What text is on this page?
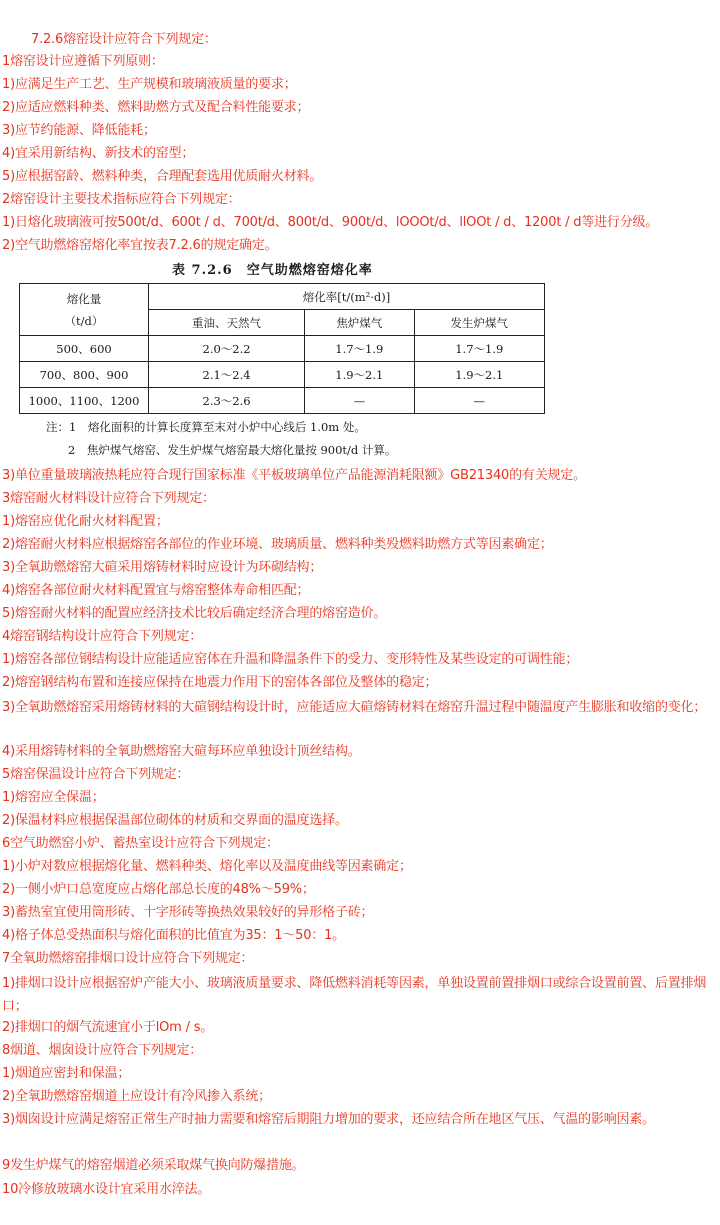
7.2.6熔窑设计应符合下列规定：
1熔窑设计应遵循下列原则：
1)应满足生产工艺、生产规模和玻璃液质量的要求；
2)应适应燃料种类、燃料助燃方式及配合料性能要求；
3)应节约能源、降低能耗；
4)宜采用新结构、新技术的窑型；
5)应根据窑龄、燃料种类，合理配套选用优质耐火材料。
2熔窑设计主要技术指标应符合下列规定：
1)日熔化玻璃液可按500t/d、600t / d、700t/d、800t/d、900t/d、lOOOt/d、llOOt / d、1200t / d等进行分级。
2)空气助燃熔窑熔化率宜按表7.2.6的规定确定。
表 7.2.6　空气助燃熔窑熔化率
熔化量
（t/d）	熔化率[t/(m²·d)]		
	重油、天然气	焦炉煤气	发生炉煤气
500、600	2.0～2.2	1.7～1.9	1.7～1.9
700、800、900	2.1～2.4	1.9～2.1	1.9～2.1
1000、1100、1200	2.3～2.6	—	—
注：1　熔化面积的计算长度算至末对小炉中心线后 1.0m 处。
2　焦炉煤气熔窑、发生炉煤气熔窑最大熔化量按 900t/d 计算。
3)单位重量玻璃液热耗应符合现行国家标准《平板玻璃单位产品能源消耗限额》GB21340的有关规定。
3熔窑耐火材料设计应符合下列规定：
1)熔窑应优化耐火材料配置；
2)熔窑耐火材料应根据熔窑各部位的作业环境、玻璃质量、燃料种类殁燃料助燃方式等因素确定；
3)全氧助燃熔窑大碹采用熔铸材料时应设计为环砌结构；
4)熔窑各部位耐火材料配置宜与熔窑整体寿命相匹配；
5)熔窑耐火材料的配置应经济技术比较后确定经济合理的熔窑造价。
4熔窑钢结构设计应符合下列规定：
1)熔窑各部位钢结构设计应能适应窑体在升温和降温条件下的受力、变形特性及某些设定的可调性能；
2)熔窑钢结构布置和连接应保持在地震力作用下的窑体各部位及整体的稳定；
3)全氧助燃熔窑采用熔铸材料的大碹钢结构设计时，应能适应大碹熔铸材料在熔窑升温过程中随温度产生膨胀和收缩的变化；
4)采用熔铸材料的全氧助燃熔窑大碹每环应单独设计顶丝结构。
5熔窑保温设计应符合下列规定：
1)熔窑应全保温；
2)保温材料应根据保温部位砌体的材质和交界面的温度选择。
6空气助燃窑小炉、蓄热室设计应符合下列规定：
1)小炉对数应根据熔化量、燃料种类、熔化率以及温度曲线等因素确定；
2)一侧小炉口总宽度应占熔化部总长度的48%～59%；
3)蓄热室宜使用筒形砖、十字形砖等换热效果较好的异形格子砖；
4)格子体总受热面积与熔化面积的比值宜为35：1～50：1。
7全氧助燃熔窑排烟口设计应符合下列规定：
1)排烟口设计应根据窑炉产能大小、玻璃液质量要求、降低燃料消耗等因素，单独设置前置排烟口或综合设置前置、后置排烟口；
2)排烟口的烟气流速宜小于lOm / s。
8烟道、烟囱设计应符合下列规定：
1)烟道应密封和保温；
2)全氧助燃熔窑烟道上应设计有冷风掺入系统；
3)烟囱设计应满足熔窑正常生产时抽力需要和熔窑后期阻力增加的要求，还应结合所在地区气压、气温的影响因素。
9发生炉煤气的熔窑烟道必须采取煤气换向防爆措施。
10冷修放玻璃水设计宜采用水淬法。
